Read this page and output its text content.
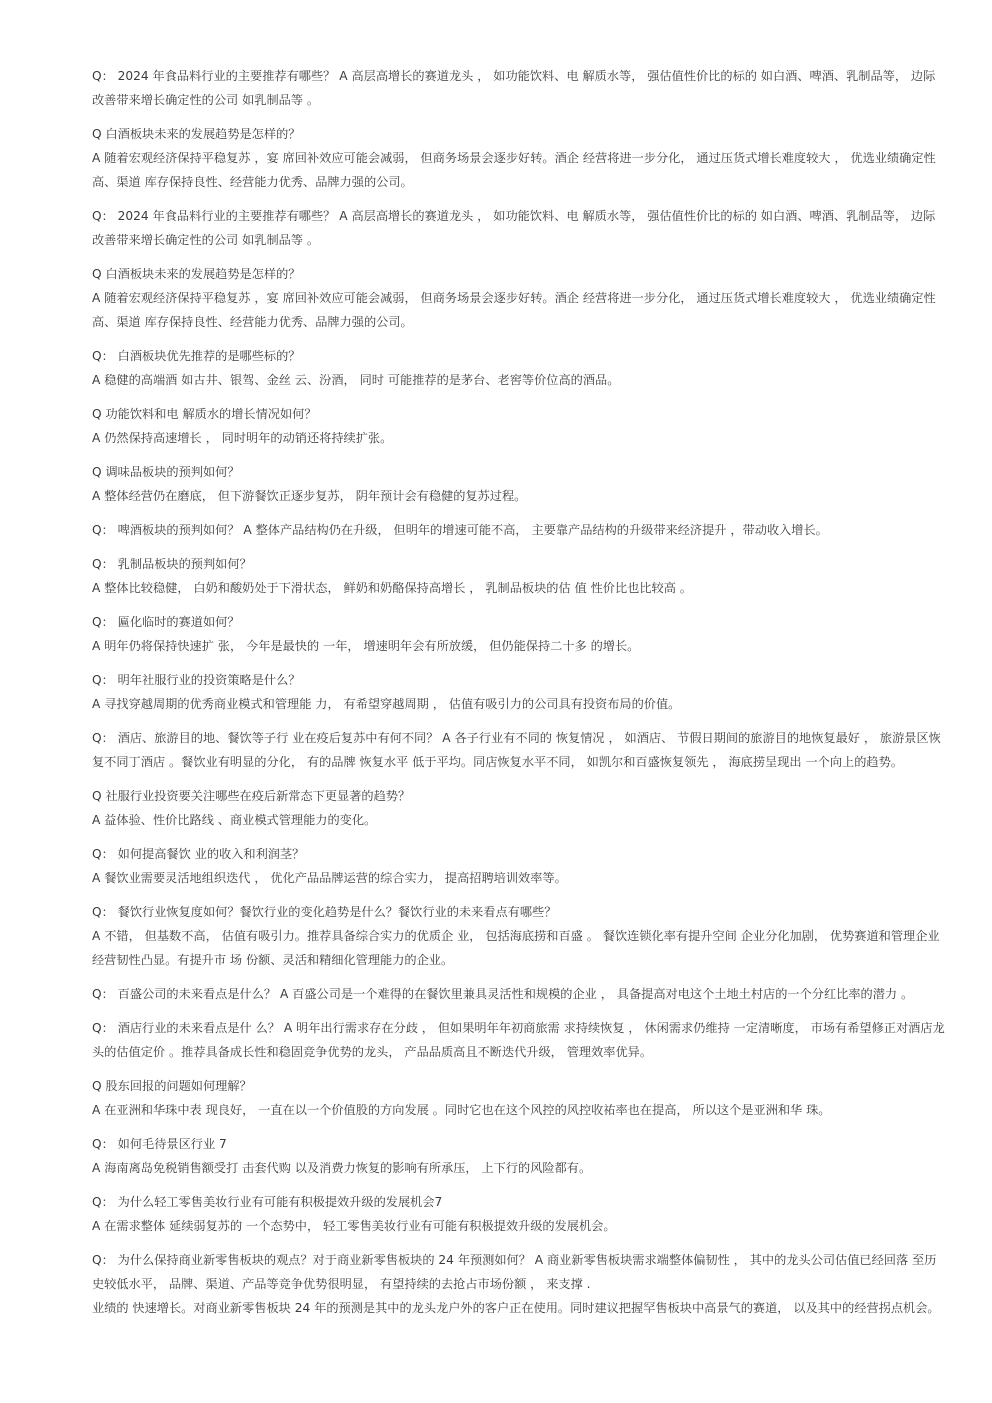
Q： 2024 年食品料行业的主要推荐有哪些？ A 高层高增长的赛道龙头 ， 如功能饮料、电 解质水等， 强估值性价比的标的 如白酒、啤酒、乳制品等， 边际改善带来增长确定性的公司 如乳制品等 。
Q 白酒板块未来的发展趋势是怎样的？
A 随着宏观经济保持平稳复苏 ，宴 席回补效应可能会减弱， 但商务场景会逐步好转。酒企 经营将进一步分化， 通过压货式增长难度较大 ， 优选业绩确定性高、渠道 库存保持良性、经营能力优秀、品牌力强的公司。
Q： 2024 年食品料行业的主要推荐有哪些？ A 高层高增长的赛道龙头 ， 如功能饮料、电 解质水等， 强估值性价比的标的 如白酒、啤酒、乳制品等， 边际改善带来增长确定性的公司 如乳制品等 。
Q 白酒板块未来的发展趋势是怎样的？
A 随着宏观经济保持平稳复苏 ，宴 席回补效应可能会减弱， 但商务场景会逐步好转。酒企 经营将进一步分化， 通过压货式增长难度较大 ， 优选业绩确定性高、渠道 库存保持良性、经营能力优秀、品牌力强的公司。
Q： 白酒板块优先推荐的是哪些标的？
A 稳健的高端酒 如古井、银驾、金丝 云、汾酒， 同时 可能推荐的是茅台、老窖等价位高的酒品。
Q 功能饮料和电 解质水的增长情况如何？
A 仍然保持高速增长 ， 同时明年的动销还将持续扩张。
Q 调味品板块的预判如何？
A 整体经营仍在磨底， 但下游餐饮正逐步复苏， 阴年预计会有稳健的复苏过程。
Q： 啤酒板块的预判如何？ A 整体产品结构仍在升级， 但明年的增速可能不高， 主要靠产品结构的升级带来经济提升 ，带动收入增长。
Q： 乳制品板块的预判如何？
A 整体比较稳健， 白奶和酸奶处于下滑状态， 鲜奶和奶酪保持高增长 ， 乳制品板块的估 值 性价比也比较高 。
Q： 匾化临时的赛道如何？
A 明年仍将保持快速扩 张， 今年是最快的 一年， 增速明年会有所放缓， 但仍能保持二十多 的增长。
Q： 明年社服行业的投资策略是什么？
A 寻找穿越周期的优秀商业模式和管理能 力， 有希望穿越周期 ， 估值有吸引力的公司具有投资布局的价值。
Q： 酒店、旅游目的地、餐饮等子行 业在疫后复苏中有何不同？ A 各子行业有不同的 恢复情况 ， 如酒店、 节假日期间的旅游目的地恢复最好 ， 旅游景区恢复不同丁酒店 。餐饮业有明显的分化， 有的品牌 恢复水平 低于平均。同店恢复水平不同， 如凯尔和百盛恢复领先 ， 海底捞呈现出 一个向上的趋势。
Q 社服行业投资要关注哪些在疫后新常态下更显著的趋势？
A 益体验、性价比路线 、商业模式管理能力的变化。
Q： 如何提高餐饮 业的收入和利润茎？
A 餐饮业需要灵活地组织迭代 ， 优化产品品牌运营的综合实力， 提高招聘培训效率等。
Q： 餐饮行业恢复度如何？餐饮行业的变化趋势是什么？餐饮行业的未来看点有哪些？
A 不错， 但基数不高， 估值有吸引力。推荐具备综合实力的优质企 业， 包括海底捞和百盛 。 餐饮连锁化率有提升空间 企业分化加剧， 优势赛道和管理企业经营韧性凸显。有提升市 场 份额、灵活和精细化管理能力的企业。
Q： 百盛公司的未来看点是什么？ A 百盛公司是一个难得的在餐饮里兼具灵活性和规模的企业 ， 具备提高对电这个土地土村店的一个分红比率的潜力 。
Q： 酒店行业的未来看点是什 么？ A 明年出行需求存在分歧 ， 但如果明年年初商旅需 求持续恢复 ， 休闲需求仍维持 一定清晰度， 市场有希望修正对酒店龙头的估值定价 。推荐具备成长性和稳固竞争优势的龙头， 产品品质高且不断迭代升级， 管理效率优异。
Q 股东回报的问题如何理解？
A 在亚洲和华珠中表 现良好， 一直在以一个价值股的方向发展 。同时它也在这个风控的风控收祐率也在提高， 所以这个是亚洲和华 珠。
Q： 如何毛待景区行业 7
A 海南离岛免税销售额受打 击套代购 以及消费力恢复的影响有所承压， 上下行的风险都有。
Q： 为什么轻工零售美妆行业有可能有积极提效升级的发展机会7
A 在需求整体 延续弱复苏的 一个态势中， 轻工零售美妆行业有可能有积极提效升级的发展机会。
Q： 为什么保持商业新零售板块的观点？对于商业新零售板块的 24 年预测如何？ A 商业新零售板块需求端整体偏韧性 ， 其中的龙头公司估值已经回落 至历史较低水平， 品牌、渠道、产品等竞争优势很明显， 有望持续的去抢占市场份额 ， 来支撑 .
业绩的 快速增长。对商业新零售板块 24 年的预测是其中的龙头龙户外的客户正在使用。同时建议把握罕售板块中高景气的赛道， 以及其中的经营拐点机会。
